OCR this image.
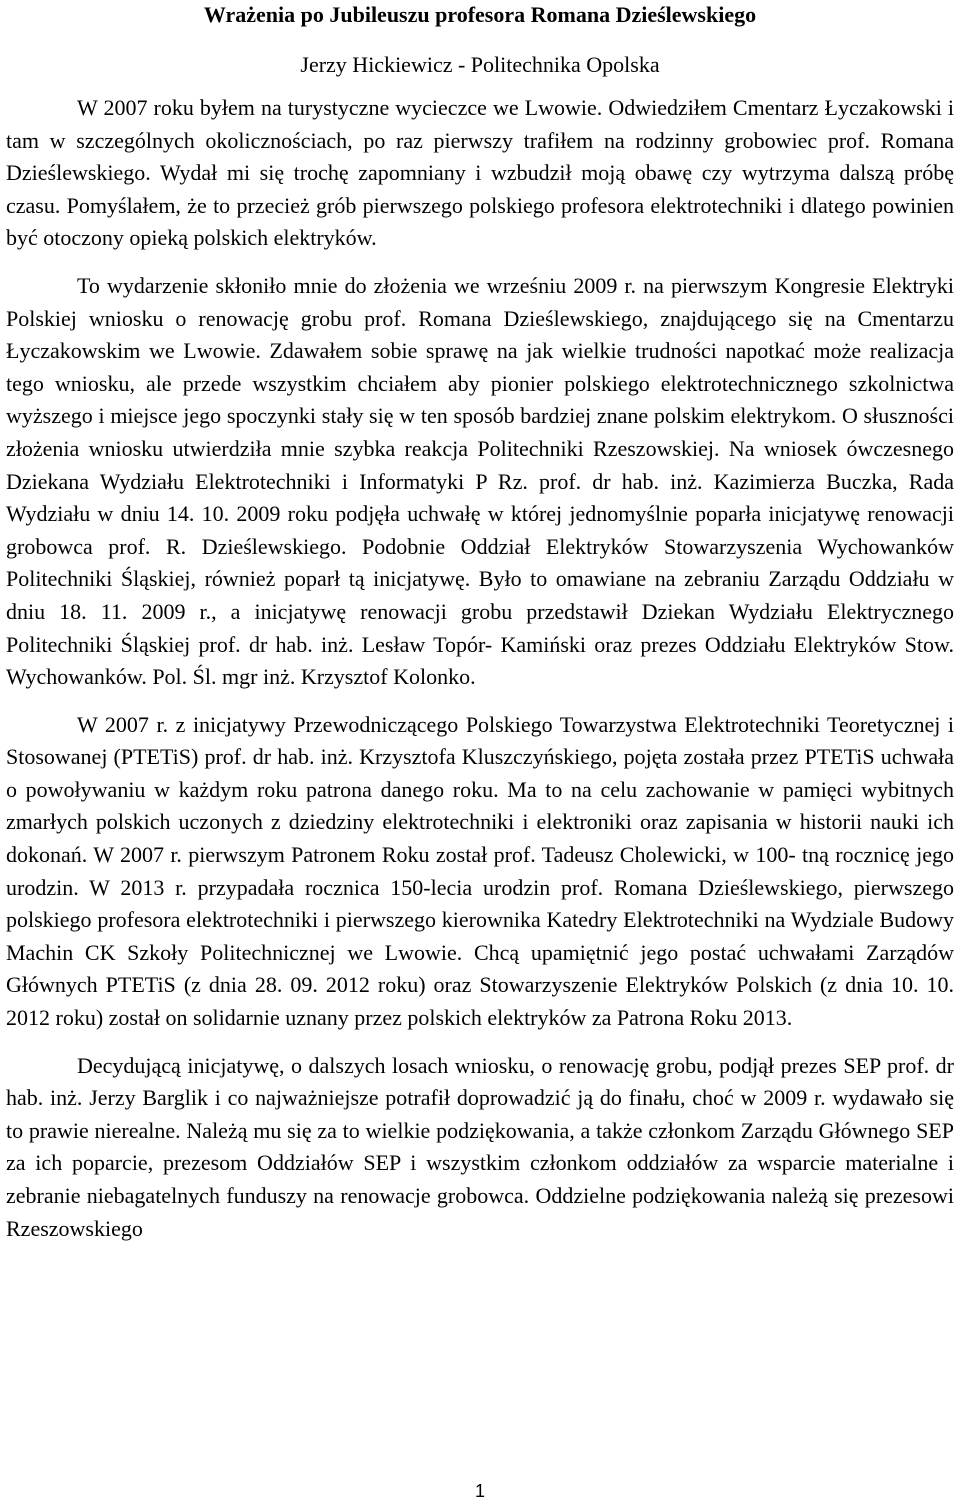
Wrażenia po Jubileuszu profesora Romana Dzieślewskiego

Jerzy Hickiewicz - Politechnika Opolska

W 2007 roku byłem na turystyczne wycieczce we Lwowie. Odwiedziłem Cmentarz Łyczakowski i tam w szczególnych okolicznościach, po raz pierwszy trafiłem na rodzinny grobowiec prof. Romana Dzieślewskiego. Wydał mi się trochę zapomniany i wzbudził moją obawę czy wytrzyma dalszą próbę czasu. Pomyślałem, że to przecież grób pierwszego polskiego profesora elektrotechniki i dlatego powinien być otoczony opieką polskich elektryków.

To wydarzenie skłoniło mnie do złożenia we wrześniu 2009 r. na pierwszym Kongresie Elektryki Polskiej wniosku o renowację grobu prof. Romana Dzieślewskiego, znajdującego się na Cmentarzu Łyczakowskim we Lwowie. Zdawałem sobie sprawę na jak wielkie trudności napotkać może realizacja tego wniosku, ale przede wszystkim chciałem aby pionier polskiego elektrotechnicznego szkolnictwa wyższego i miejsce jego spoczynki stały się w ten sposób bardziej znane polskim elektrykom. O słuszności złożenia wniosku utwierdziła mnie szybka reakcja Politechniki Rzeszowskiej. Na wniosek ówczesnego Dziekana Wydziału Elektrotechniki i Informatyki P Rz. prof. dr hab. inż. Kazimierza Buczka, Rada Wydziału w dniu 14. 10. 2009 roku podjęła uchwałę w której jednomyślnie poparła inicjatywę renowacji grobowca prof. R. Dzieślewskiego. Podobnie Oddział Elektryków Stowarzyszenia Wychowanków Politechniki Śląskiej, również poparł tą inicjatywę. Było to omawiane na zebraniu Zarządu Oddziału w dniu 18. 11. 2009 r., a inicjatywę renowacji grobu przedstawił Dziekan Wydziału Elektrycznego Politechniki Śląskiej prof. dr hab. inż. Lesław Topór- Kamiński oraz prezes Oddziału Elektryków Stow. Wychowanków. Pol. Śl. mgr inż. Krzysztof Kolonko.

W 2007 r. z inicjatywy Przewodniczącego Polskiego Towarzystwa Elektrotechniki Teoretycznej i Stosowanej (PTETiS) prof. dr hab. inż. Krzysztofa Kluszczyńskiego, pojęta została przez PTETiS uchwała o powoływaniu w każdym roku patrona danego roku. Ma to na celu zachowanie w pamięci wybitnych zmarłych polskich uczonych z dziedziny elektrotechniki i elektroniki oraz zapisania w historii nauki ich dokonań. W 2007 r. pierwszym Patronem Roku został prof. Tadeusz Cholewicki, w 100- tną rocznicę jego urodzin. W 2013 r. przypadała rocznica 150-lecia urodzin prof. Romana Dzieślewskiego, pierwszego polskiego profesora elektrotechniki i pierwszego kierownika Katedry Elektrotechniki na Wydziale Budowy Machin CK Szkoły Politechnicznej we Lwowie. Chcą upamiętnić jego postać uchwałami Zarządów Głównych PTETiS (z dnia 28. 09. 2012 roku) oraz Stowarzyszenie Elektryków Polskich (z dnia 10. 10. 2012 roku) został on solidarnie uznany przez polskich elektryków za Patrona Roku 2013.

Decydującą inicjatywę, o dalszych losach wniosku, o renowację grobu, podjął prezes SEP prof. dr hab. inż. Jerzy Barglik i co najważniejsze potrafił doprowadzić ją do finału, choć w 2009 r. wydawało się to prawie nierealne. Należą mu się za to wielkie podziękowania, a także członkom Zarządu Głównego SEP za ich poparcie, prezesom Oddziałów SEP i wszystkim członkom oddziałów za wsparcie materialne i zebranie niebagatelnych funduszy na renowacje grobowca. Oddzielne podziękowania należą się prezesowi Rzeszowskiego

1
